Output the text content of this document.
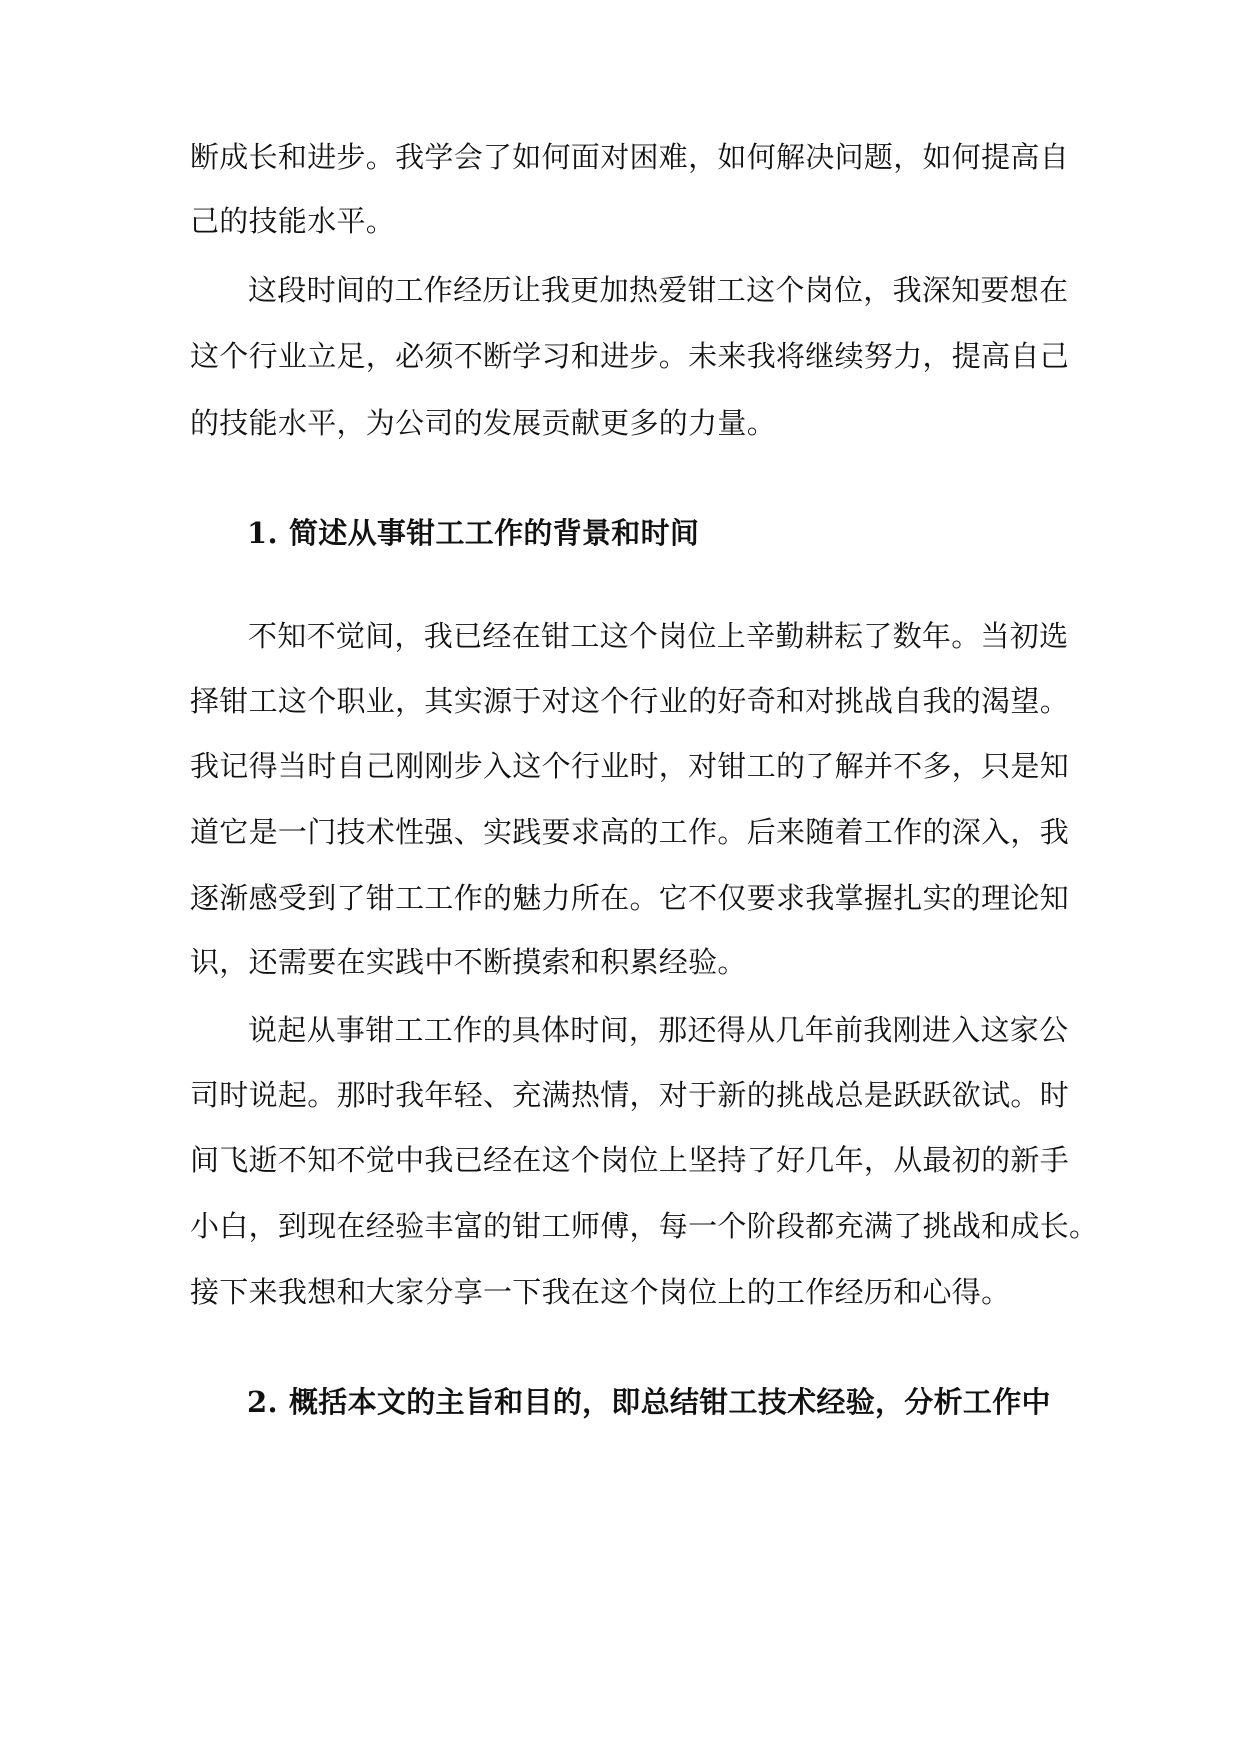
断成长和进步。我学会了如何面对困难，如何解决问题，如何提高自
己的技能水平。
这段时间的工作经历让我更加热爱钳工这个岗位，我深知要想在
这个行业立足，必须不断学习和进步。未来我将继续努力，提高自己
的技能水平，为公司的发展贡献更多的力量。
1. 简述从事钳工工作的背景和时间
不知不觉间，我已经在钳工这个岗位上辛勤耕耘了数年。当初选
择钳工这个职业，其实源于对这个行业的好奇和对挑战自我的渴望。
我记得当时自己刚刚步入这个行业时，对钳工的了解并不多，只是知
道它是一门技术性强、实践要求高的工作。后来随着工作的深入，我
逐渐感受到了钳工工作的魅力所在。它不仅要求我掌握扎实的理论知
识，还需要在实践中不断摸索和积累经验。
说起从事钳工工作的具体时间，那还得从几年前我刚进入这家公
司时说起。那时我年轻、充满热情，对于新的挑战总是跃跃欲试。时
间飞逝不知不觉中我已经在这个岗位上坚持了好几年，从最初的新手
小白，到现在经验丰富的钳工师傅，每一个阶段都充满了挑战和成长。
接下来我想和大家分享一下我在这个岗位上的工作经历和心得。
2. 概括本文的主旨和目的，即总结钳工技术经验，分析工作中
